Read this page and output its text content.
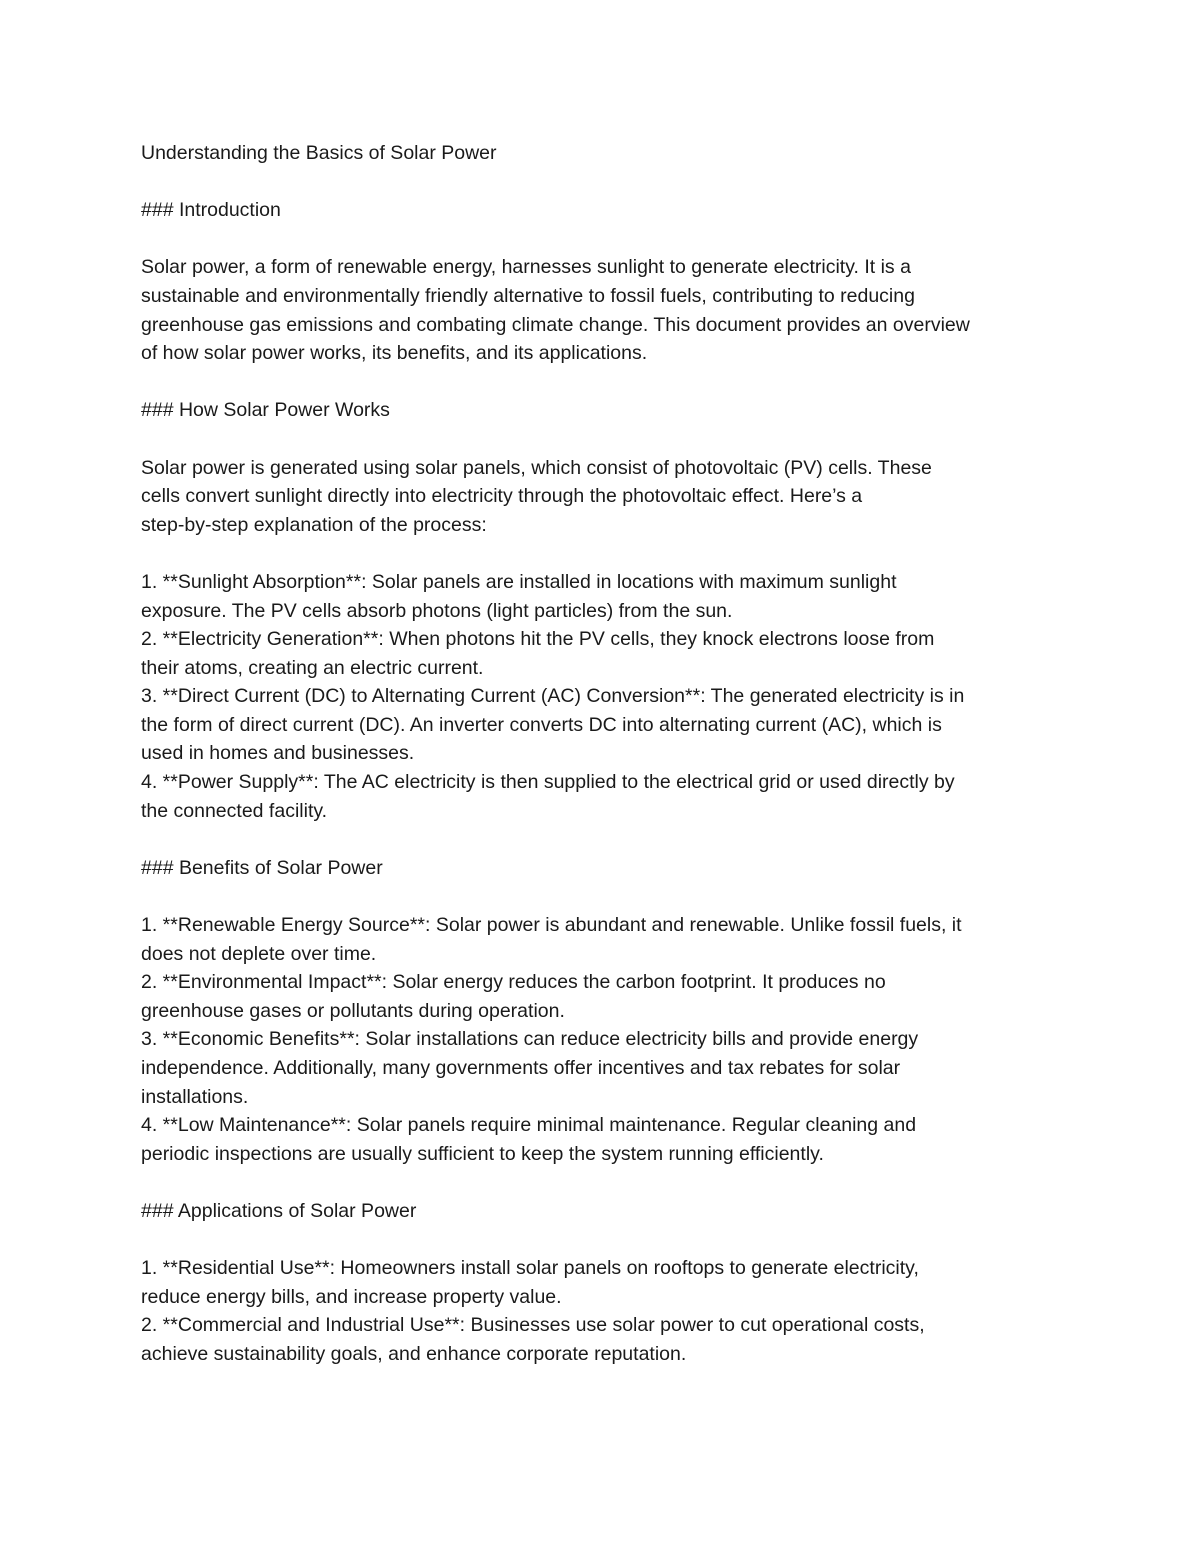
Understanding the Basics of Solar Power
### Introduction
Solar power, a form of renewable energy, harnesses sunlight to generate electricity. It is a
sustainable and environmentally friendly alternative to fossil fuels, contributing to reducing
greenhouse gas emissions and combating climate change. This document provides an overview
of how solar power works, its benefits, and its applications.
### How Solar Power Works
Solar power is generated using solar panels, which consist of photovoltaic (PV) cells. These
cells convert sunlight directly into electricity through the photovoltaic effect. Here’s a
step-by-step explanation of the process:
1. **Sunlight Absorption**: Solar panels are installed in locations with maximum sunlight
exposure. The PV cells absorb photons (light particles) from the sun.
2. **Electricity Generation**: When photons hit the PV cells, they knock electrons loose from
their atoms, creating an electric current.
3. **Direct Current (DC) to Alternating Current (AC) Conversion**: The generated electricity is in
the form of direct current (DC). An inverter converts DC into alternating current (AC), which is
used in homes and businesses.
4. **Power Supply**: The AC electricity is then supplied to the electrical grid or used directly by
the connected facility.
### Benefits of Solar Power
1. **Renewable Energy Source**: Solar power is abundant and renewable. Unlike fossil fuels, it
does not deplete over time.
2. **Environmental Impact**: Solar energy reduces the carbon footprint. It produces no
greenhouse gases or pollutants during operation.
3. **Economic Benefits**: Solar installations can reduce electricity bills and provide energy
independence. Additionally, many governments offer incentives and tax rebates for solar
installations.
4. **Low Maintenance**: Solar panels require minimal maintenance. Regular cleaning and
periodic inspections are usually sufficient to keep the system running efficiently.
### Applications of Solar Power
1. **Residential Use**: Homeowners install solar panels on rooftops to generate electricity,
reduce energy bills, and increase property value.
2. **Commercial and Industrial Use**: Businesses use solar power to cut operational costs,
achieve sustainability goals, and enhance corporate reputation.
